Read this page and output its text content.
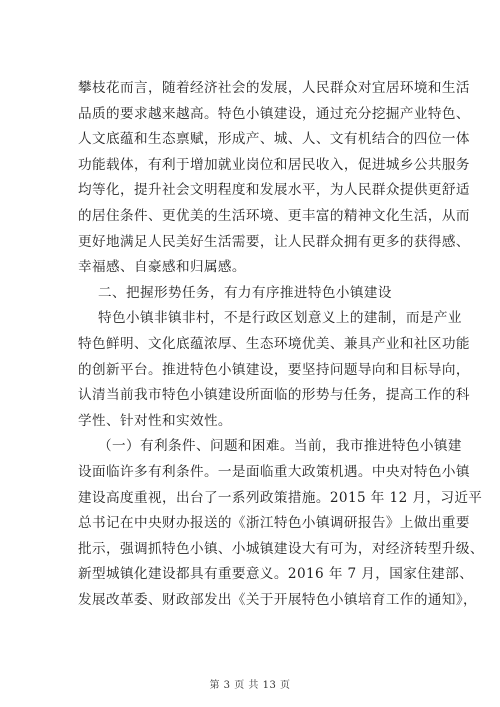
攀枝花而言，随着经济社会的发展，人民群众对宜居环境和生活
品质的要求越来越高。特色小镇建设，通过充分挖掘产业特色、
人文底蕴和生态禀赋，形成产、城、人、文有机结合的四位一体
功能载体，有利于增加就业岗位和居民收入，促进城乡公共服务
均等化，提升社会文明程度和发展水平，为人民群众提供更舒适
的居住条件、更优美的生活环境、更丰富的精神文化生活，从而
更好地满足人民美好生活需要，让人民群众拥有更多的获得感、
幸福感、自豪感和归属感。
二、把握形势任务，有力有序推进特色小镇建设
特色小镇非镇非村，不是行政区划意义上的建制，而是产业
特色鲜明、文化底蕴浓厚、生态环境优美、兼具产业和社区功能
的创新平台。推进特色小镇建设，要坚持问题导向和目标导向，
认清当前我市特色小镇建设所面临的形势与任务，提高工作的科
学性、针对性和实效性。
（一）有利条件、问题和困难。当前，我市推进特色小镇建
设面临许多有利条件。一是面临重大政策机遇。中央对特色小镇
建设高度重视，出台了一系列政策措施。2015 年 12 月，习近平
总书记在中央财办报送的《浙江特色小镇调研报告》上做出重要
批示，强调抓特色小镇、小城镇建设大有可为，对经济转型升级、
新型城镇化建设都具有重要意义。2016 年 7 月，国家住建部、
发展改革委、财政部发出《关于开展特色小镇培育工作的通知》，
第 3 页 共 13 页
